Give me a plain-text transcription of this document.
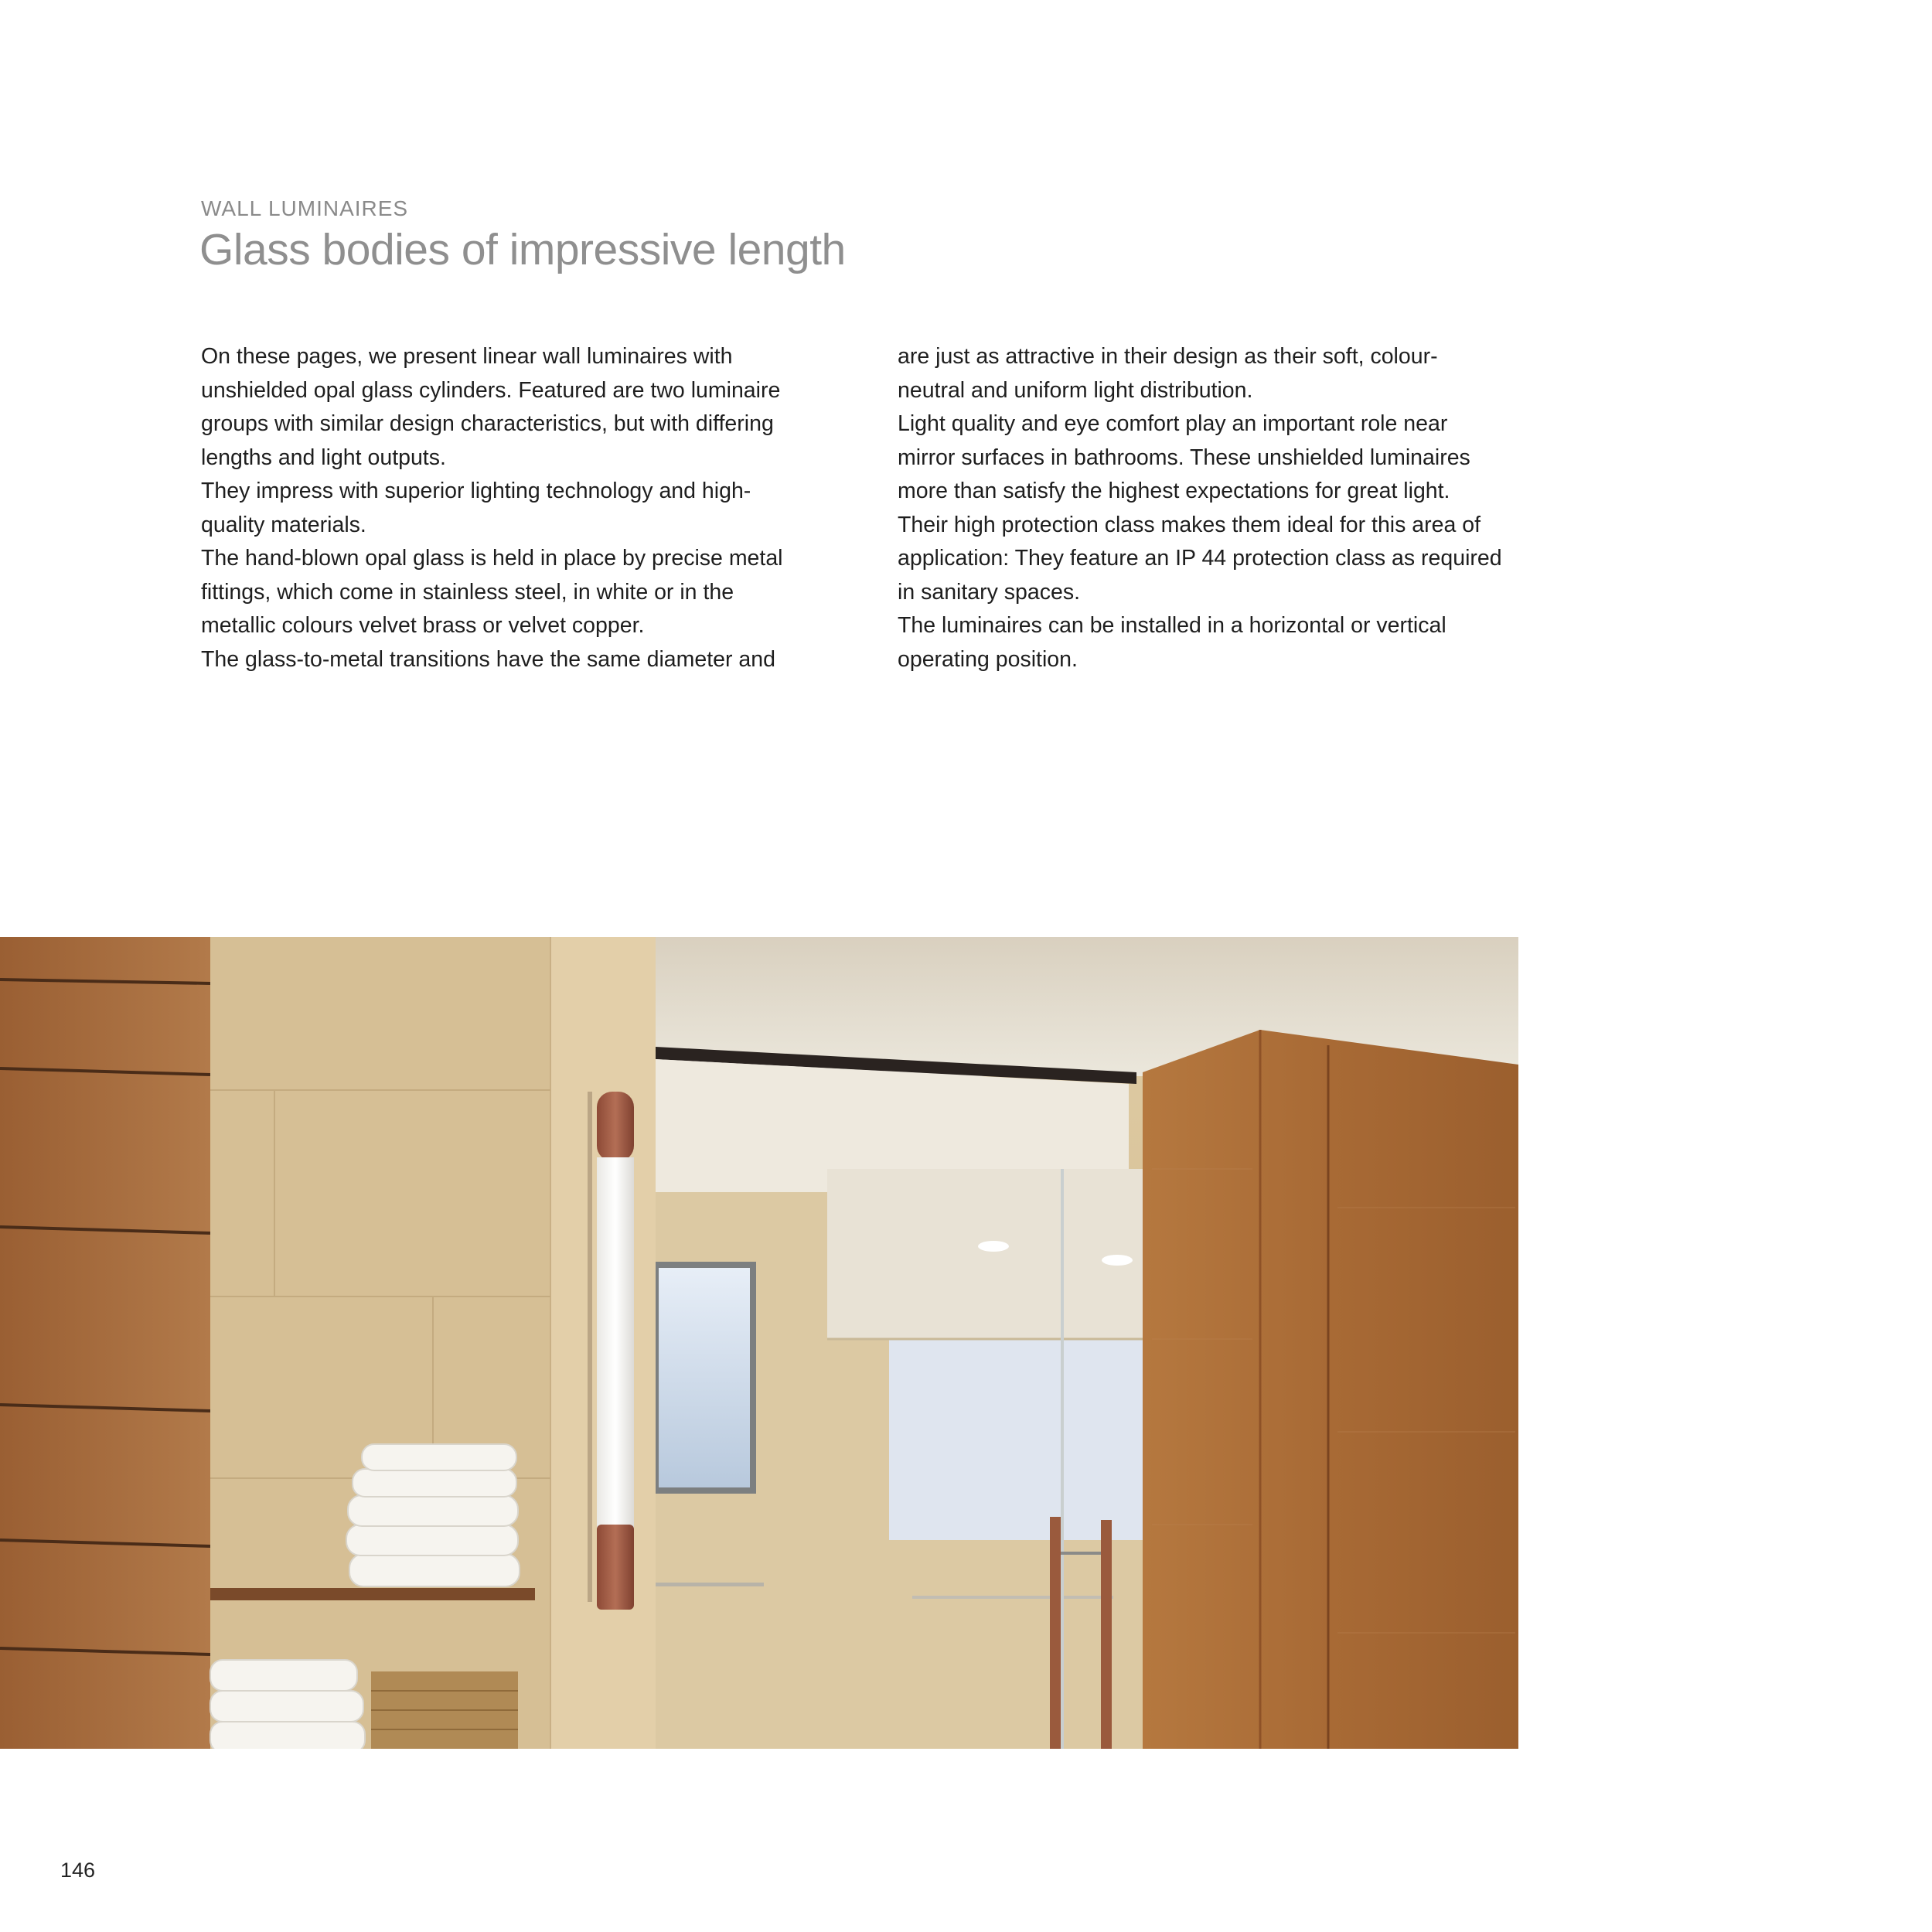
WALL LUMINAIRES
Glass bodies of impressive length
On these pages, we present linear wall luminaires with
unshielded opal glass cylinders. Featured are two luminaire
groups with similar design characteristics, but with differing
lengths and light outputs.
They impress with superior lighting technology and high-
quality materials.
The hand-blown opal glass is held in place by precise metal
fittings, which come in stainless steel, in white or in the
metallic colours velvet brass or velvet copper.
The glass-to-metal transitions have the same diameter and
are just as attractive in their design as their soft, colour-
neutral and uniform light distribution.
Light quality and eye comfort play an important role near
mirror surfaces in bathrooms. These unshielded luminaires
more than satisfy the highest expectations for great light.
Their high protection class makes them ideal for this area of
application: They feature an IP 44 protection class as required
in sanitary spaces.
The luminaires can be installed in a horizontal or vertical
operating position.
146
